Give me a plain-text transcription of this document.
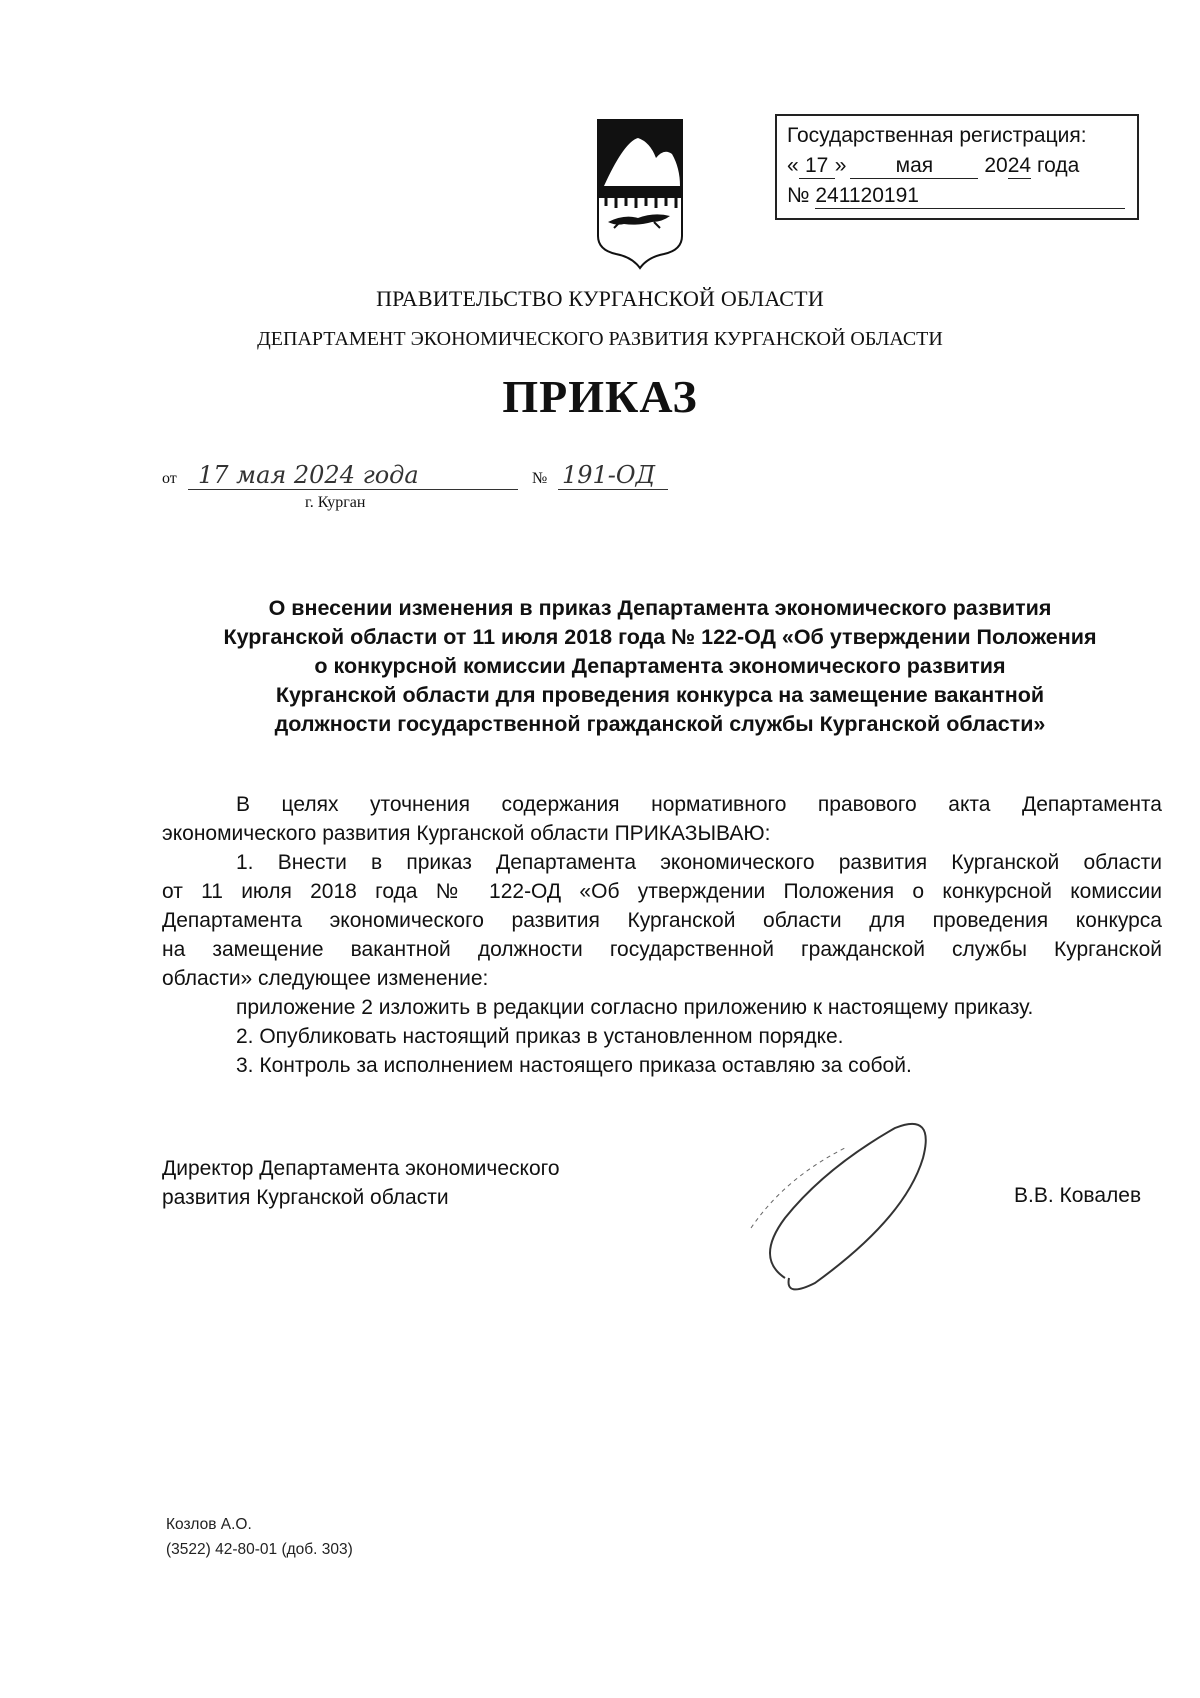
Государственная регистрация:
« 17 » мая 2024 года
№ 241120191
ПРАВИТЕЛЬСТВО КУРГАНСКОЙ ОБЛАСТИ
ДЕПАРТАМЕНТ ЭКОНОМИЧЕСКОГО РАЗВИТИЯ КУРГАНСКОЙ ОБЛАСТИ
ПРИКАЗ
от 17 мая 2024 года	№ 191-ОД
г. Курган
О внесении изменения в приказ Департамента экономического развития
Курганской области от 11 июля 2018 года № 122-ОД «Об утверждении Положения
о конкурсной комиссии Департамента экономического развития
Курганской области для проведения конкурса на замещение вакантной
должности государственной гражданской службы Курганской области»
В целях уточнения содержания нормативного правового акта Департамента
экономического развития Курганской области ПРИКАЗЫВАЮ:
1. Внести в приказ Департамента экономического развития Курганской области
от 11 июля 2018 года № 122-ОД «Об утверждении Положения о конкурсной комиссии
Департамента экономического развития Курганской области для проведения конкурса
на замещение вакантной должности государственной гражданской службы Курганской
области» следующее изменение:
приложение 2 изложить в редакции согласно приложению к настоящему приказу.
2. Опубликовать настоящий приказ в установленном порядке.
3. Контроль за исполнением настоящего приказа оставляю за собой.
Директор Департамента экономического
развития Курганской области	В.В. Ковалев
Козлов А.О.
(3522) 42-80-01 (доб. 303)
